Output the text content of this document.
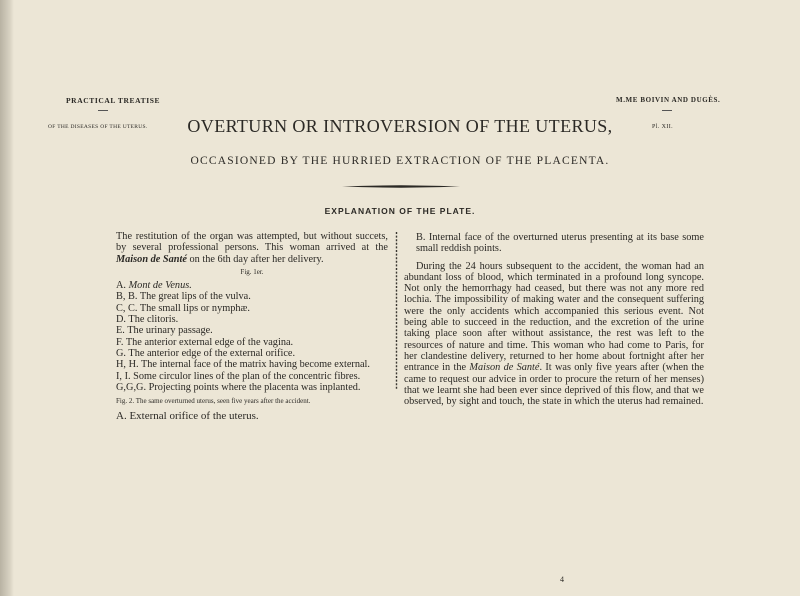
PRACTICAL TREATISE
OF THE DISEASES OF THE UTERUS.
M.ME BOIVIN AND DUGÈS.
Pl. XII.
OVERTURN OR INTROVERSION OF THE UTERUS,
OCCASIONED BY THE HURRIED EXTRACTION OF THE PLACENTA.
EXPLANATION OF THE PLATE.
The restitution of the organ was attempted, but without succets, by several professional persons. This woman arrived at the Maison de Santé on the 6th day after her delivery.
Fig. 1er.
A. Mont de Venus.
B, B. The great lips of the vulva.
C, C. The small lips or nymphæ.
D. The clitoris.
E. The urinary passage.
F. The anterior external edge of the vagina.
G. The anterior edge of the external orifice.
H, H. The internal face of the matrix having become external.
I, I. Some circulor lines of the plan of the concentric fibres.
G,G,G. Projecting points where the placenta was inplanted.
Fig. 2. The same overturned uterus, seen five years after the accident.
A. External orifice of the uterus.
B. Internal face of the overturned uterus presenting at its base some small reddish points.
During the 24 hours subsequent to the accident, the woman had an abundant loss of blood, which terminated in a profound long syncope. Not only the hemorrhagy had ceased, but there was not any more red lochia. The impossibility of making water and the consequent suffering were the only accidents which accompanied this serious event. Not being able to succeed in the reduction, and the excretion of the urine taking place soon after without assistance, the rest was left to the resources of nature and time. This woman who had come to Paris, for her clandestine delivery, returned to her home about fortnight after her entrance in the Maison de Santé. It was only five years after (when the came to request our advice in order to procure the return of her menses) that we learnt she had been ever since deprived of this flow, and that we observed, by sight and touch, the state in which the uterus had remained.
4
